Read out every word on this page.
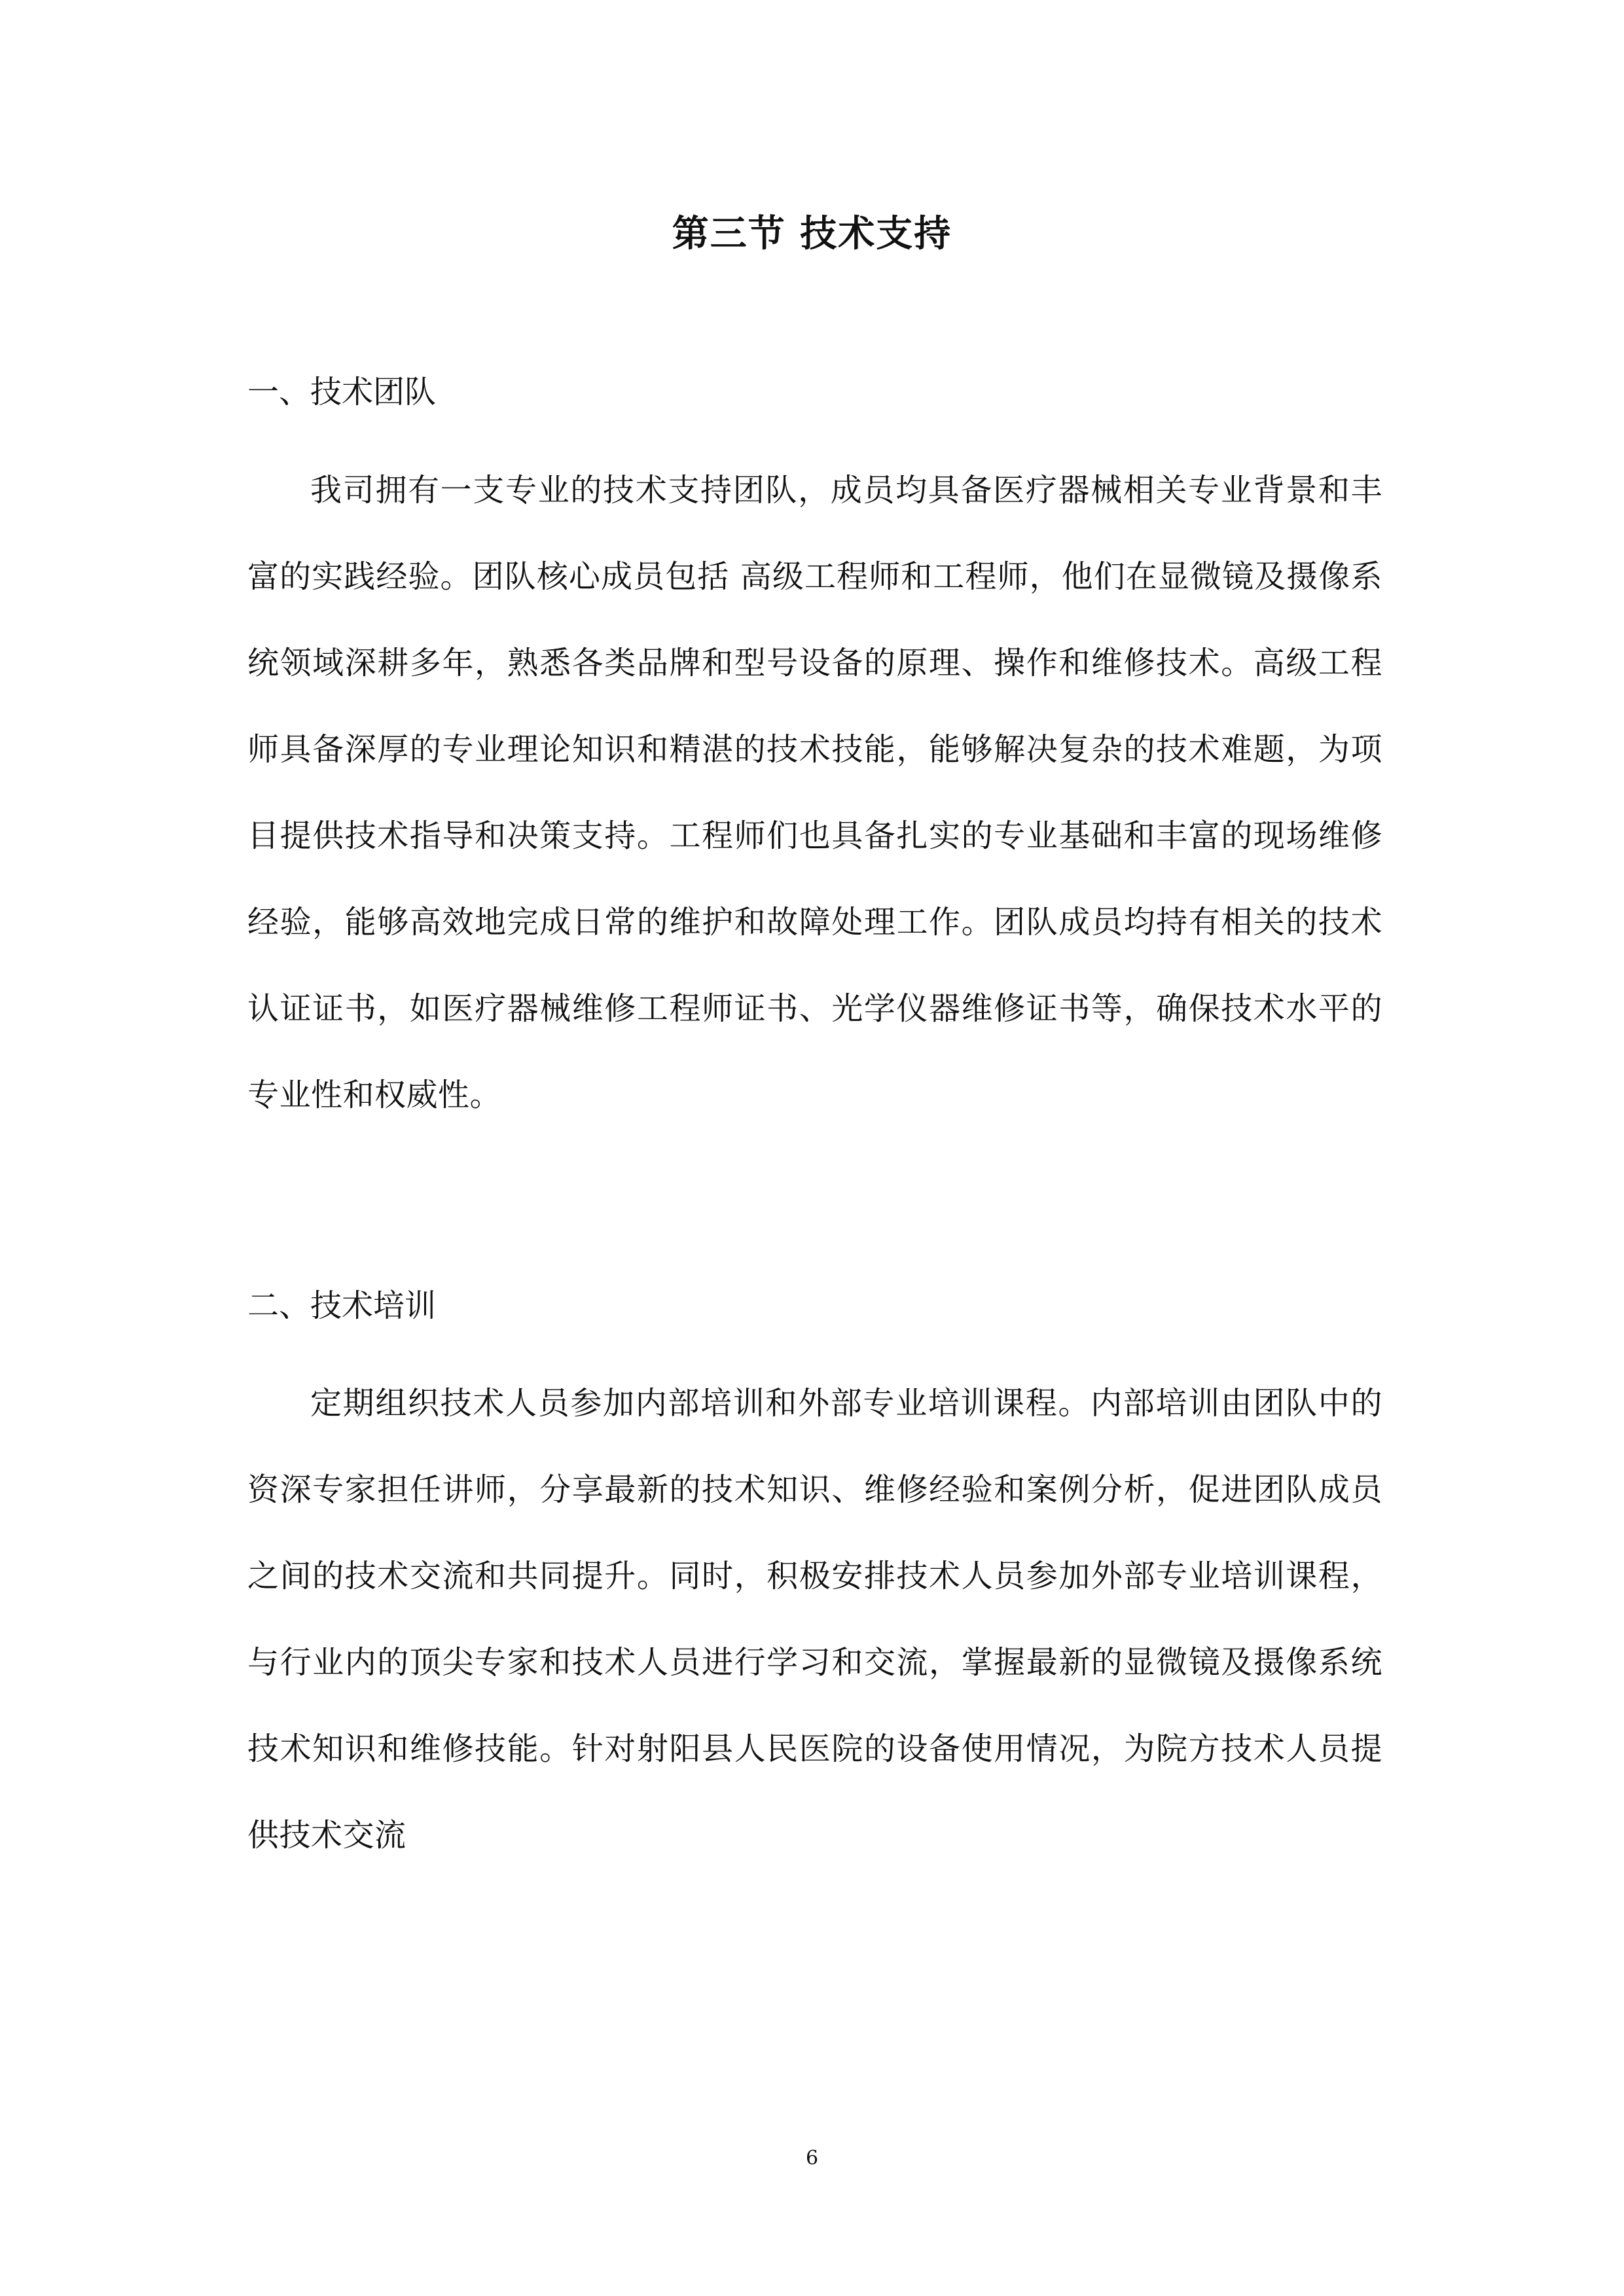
第三节 技术支持
一、技术团队

我司拥有一支专业的技术支持团队，成员均具备医疗器械相关专业背景和丰富的实践经验。团队核心成员包括 高级工程师和工程师，他们在显微镜及摄像系统领域深耕多年，熟悉各类品牌和型号设备的原理、操作和维修技术。高级工程师具备深厚的专业理论知识和精湛的技术技能，能够解决复杂的技术难题，为项目提供技术指导和决策支持。工程师们也具备扎实的专业基础和丰富的现场维修经验，能够高效地完成日常的维护和故障处理工作。团队成员均持有相关的技术认证证书，如医疗器械维修工程师证书、光学仪器维修证书等，确保技术水平的专业性和权威性。

二、技术培训

定期组织技术人员参加内部培训和外部专业培训课程。内部培训由团队中的资深专家担任讲师，分享最新的技术知识、维修经验和案例分析，促进团队成员之间的技术交流和共同提升。同时，积极安排技术人员参加外部专业培训课程，与行业内的顶尖专家和技术人员进行学习和交流，掌握最新的显微镜及摄像系统技术知识和维修技能。针对射阳县人民医院的设备使用情况，为院方技术人员提供技术交流

6
